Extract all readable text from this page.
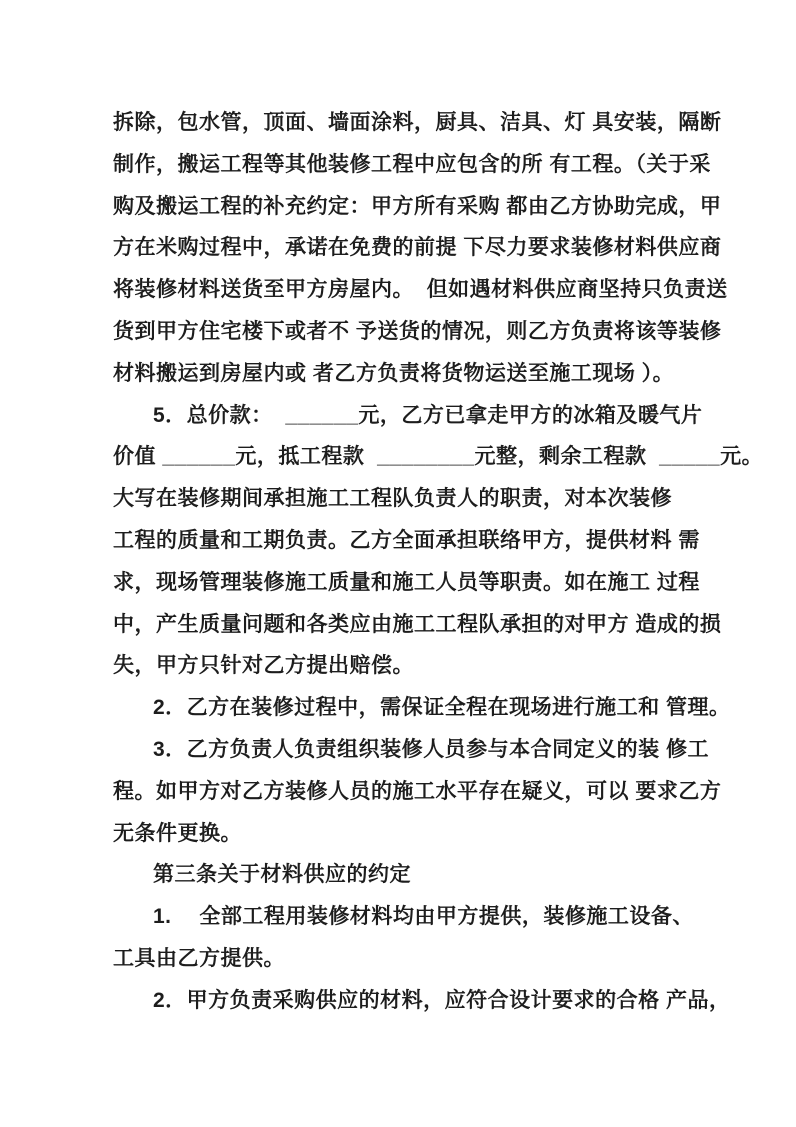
拆除，包水管，顶面、墙面涂料，厨具、洁具、灯 具安装，隔断

制作，搬运工程等其他装修工程中应包含的所 有工程。（关于采

购及搬运工程的补充约定：甲方所有采购 都由乙方协助完成，甲

方在米购过程中，承诺在免费的前提 下尽力要求装修材料供应商

将装修材料送货至甲方房屋内。  但如遇材料供应商坚持只负责送

货到甲方住宅楼下或者不 予送货的情况，则乙方负责将该等装修

材料搬运到房屋内或 者乙方负责将货物运送至施工现场 ）。

5．总价款：  ______元，乙方已拿走甲方的冰箱及暖气片

价值 ______元，抵工程款  ________元整，剩余工程款  _____元。

大写在装修期间承担施工工程队负责人的职责，对本次装修

工程的质量和工期负责。乙方全面承担联络甲方，提供材料 需

求，现场管理装修施工质量和施工人员等职责。如在施工 过程

中，产生质量问题和各类应由施工工程队承担的对甲方 造成的损

失，甲方只针对乙方提出赔偿。

2．乙方在装修过程中，需保证全程在现场进行施工和 管理。

3．乙方负责人负责组织装修人员参与本合同定义的装 修工

程。如甲方对乙方装修人员的施工水平存在疑义，可以 要求乙方

无条件更换。

第三条关于材料供应的约定

1.　 全部工程用装修材料均由甲方提供，装修施工设备、

工具由乙方提供。

2．甲方负责采购供应的材料，应符合设计要求的合格 产品，
